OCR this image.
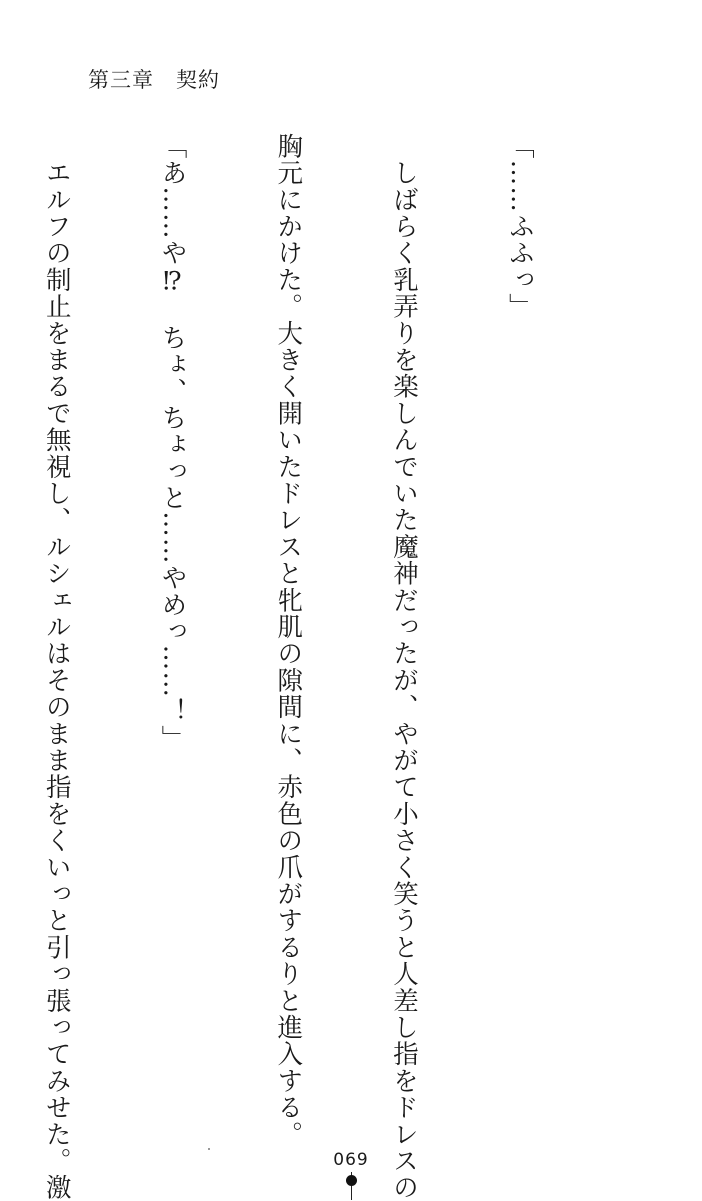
第三章　契約

「……ふふっ」

　しばらく乳弄りを楽しんでいた魔神だったが、やがて小さく笑うと人差し指をドレスの

胸元にかけた。大きく開いたドレスと牝肌の隙間に、赤色の爪がするりと進入する。

「あ……や⁉　ちょ、ちょっと……やめっ……！」

　エルフの制止をまるで無視し、ルシェルはそのまま指をくいっと引っ張ってみせた。激

	069
